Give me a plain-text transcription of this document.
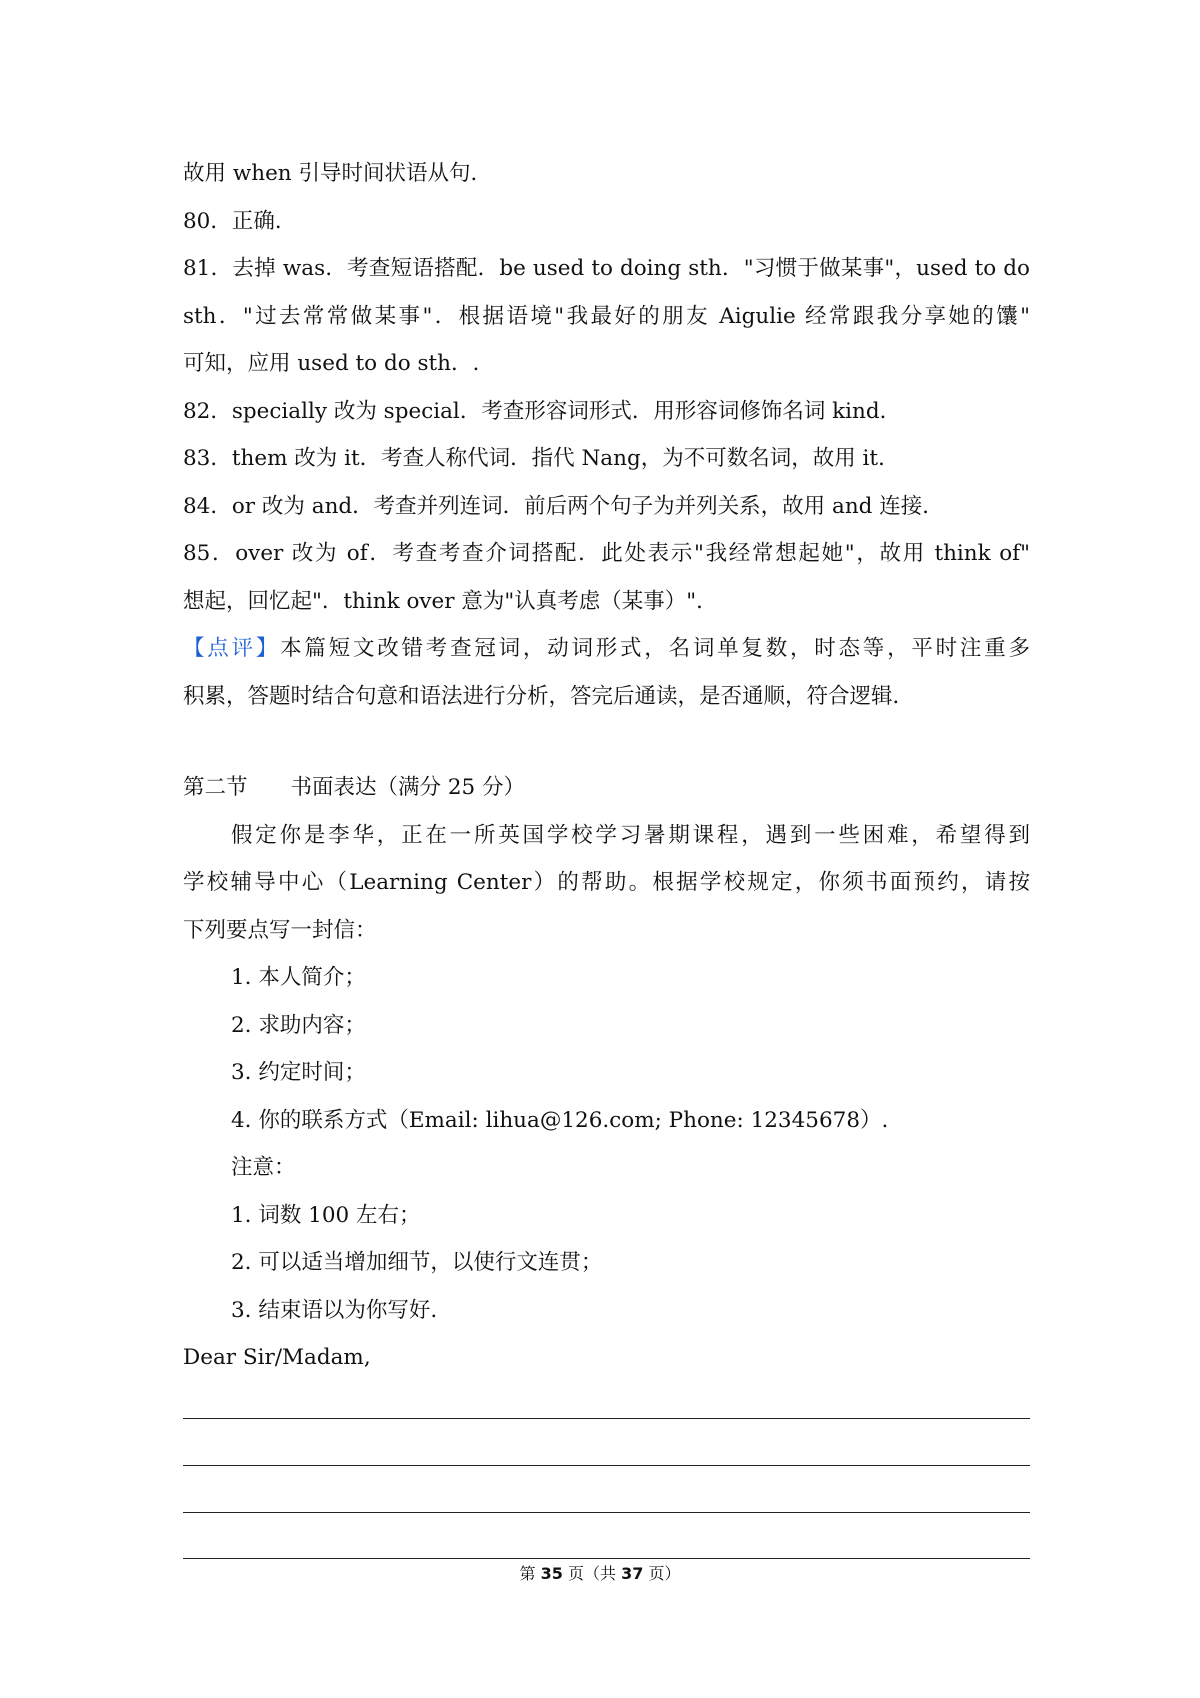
故用 when 引导时间状语从句．
80．正确．
81．去掉 was．考查短语搭配．be used to doing sth．"习惯于做某事"，used to do
sth．"过去常常做某事"．根据语境"我最好的朋友 Aigulie 经常跟我分享她的馕"
可知，应用 used to do sth．.
82．specially 改为 special．考查形容词形式．用形容词修饰名词 kind．
83．them 改为 it．考查人称代词．指代 Nang，为不可数名词，故用 it．
84．or 改为 and．考查并列连词．前后两个句子为并列关系，故用 and 连接．
85．over 改为 of．考查考查介词搭配．此处表示"我经常想起她"，故用 think of"
想起，回忆起"．think over 意为"认真考虑（某事）"．
【点评】本篇短文改错考查冠词，动词形式，名词单复数，时态等，平时注重多
积累，答题时结合句意和语法进行分析，答完后通读，是否通顺，符合逻辑．
第二节　　书面表达（满分 25 分）
假定你是李华，正在一所英国学校学习暑期课程，遇到一些困难，希望得到
学校辅导中心（Learning Center）的帮助。根据学校规定，你须书面预约，请按
下列要点写一封信：
1. 本人简介；
2. 求助内容；
3. 约定时间；
4. 你的联系方式（Email: lihua@126.com; Phone: 12345678）.
注意：
1. 词数 100 左右；
2. 可以适当增加细节，以使行文连贯；
3. 结束语以为你写好.
Dear Sir/Madam,
第 35 页（共 37 页）
